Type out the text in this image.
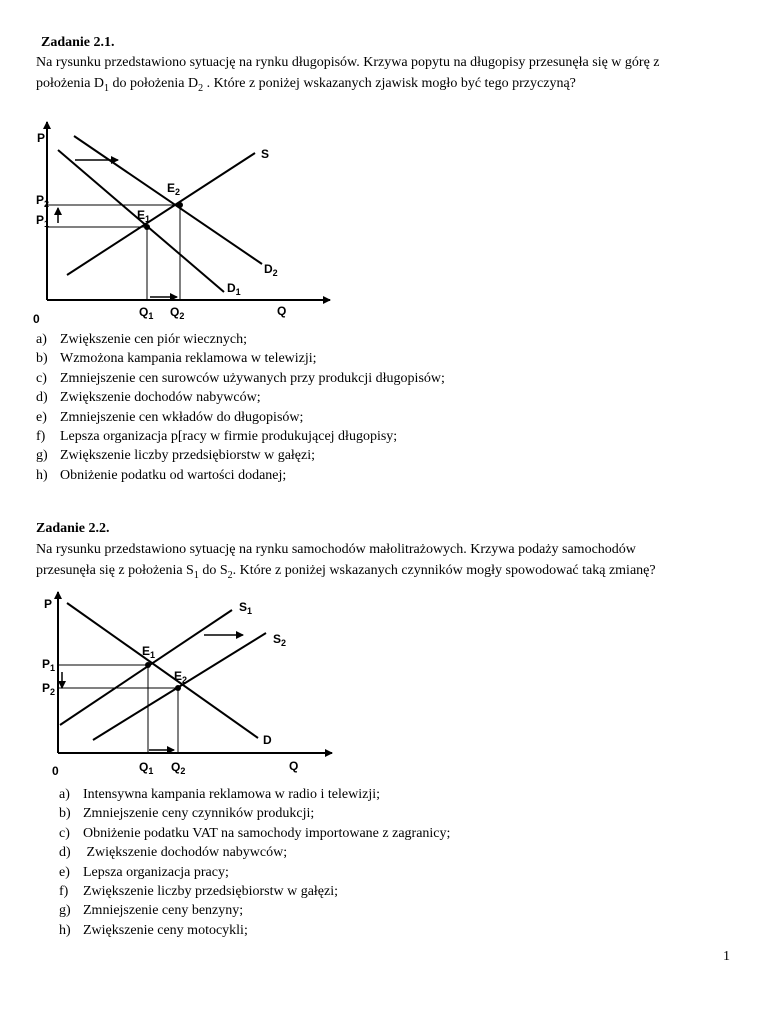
Zadanie 2.1.
Na rysunku przedstawiono sytuację na rynku długopisów. Krzywa popytu na długopisy przesunęła się w górę z
położenia $D_1$ do położenia $D_2$ . Które z poniżej wskazanych zjawisk mogło być tego przyczyną?
P
Q
0
S
$D_2$
$D_1$
$E_2$
$E_1$
$P_2$
$P_1$
$Q_1$ $Q_2$
a) Zwiększenie cen piór wiecznych;
b) Wzmożona kampania reklamowa w telewizji;
c) Zmniejszenie cen surowców używanych przy produkcji długopisów;
d) Zwiększenie dochodów nabywców;
e) Zmniejszenie cen wkładów do długopisów;
f) Lepsza organizacja p[racy w firmie produkującej długopisy;
g) Zwiększenie liczby przedsiębiorstw w gałęzi;
h) Obniżenie podatku od wartości dodanej;
Zadanie 2.2.
Na rysunku przedstawiono sytuację na rynku samochodów małolitrażowych. Krzywa podaży samochodów
przesunęła się z położenia $S_1$ do $S_2$. Które z poniżej wskazanych czynników mogły spowodować taką zmianę?
P
Q
0
$S_1$
$S_2$
D
$E_1$
$E_2$
$P_1$
$P_2$
$Q_1$ $Q_2$
a) Intensywna kampania reklamowa w radio i telewizji;
b) Zmniejszenie ceny czynników produkcji;
c) Obniżenie podatku VAT na samochody importowane z zagranicy;
d) Zwiększenie dochodów nabywców;
e) Lepsza organizacja pracy;
f) Zwiększenie liczby przedsiębiorstw w gałęzi;
g) Zmniejszenie ceny benzyny;
h) Zwiększenie ceny motocykli;
1
